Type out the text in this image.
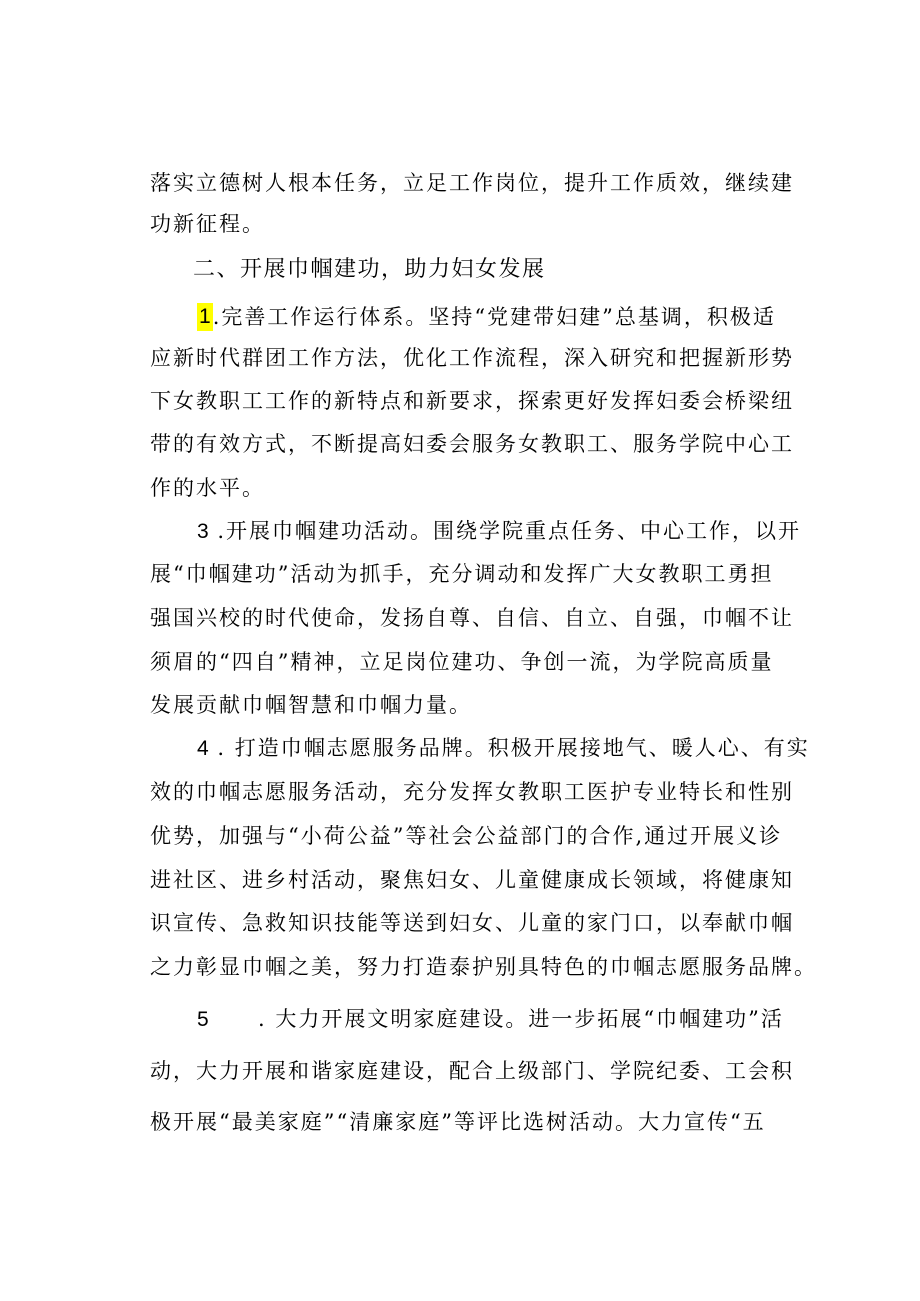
落实立德树人根本任务，立足工作岗位，提升工作质效，继续建
功新征程。
二、开展巾帼建功，助力妇女发展
1.完善工作运行体系。坚持“党建带妇建”总基调，积极适
应新时代群团工作方法，优化工作流程，深入研究和把握新形势
下女教职工工作的新特点和新要求，探索更好发挥妇委会桥梁纽
带的有效方式，不断提高妇委会服务女教职工、服务学院中心工
作的水平。
3 .开展巾帼建功活动。围绕学院重点任务、中心工作，以开
展“巾帼建功”活动为抓手，充分调动和发挥广大女教职工勇担
强国兴校的时代使命，发扬自尊、自信、自立、自强，巾帼不让
须眉的“四自”精神，立足岗位建功、争创一流，为学院高质量
发展贡献巾帼智慧和巾帼力量。
4 . 打造巾帼志愿服务品牌。积极开展接地气、暖人心、有实
效的巾帼志愿服务活动，充分发挥女教职工医护专业特长和性别
优势，加强与“小荷公益”等社会公益部门的合作,通过开展义诊
进社区、进乡村活动，聚焦妇女、儿童健康成长领域，将健康知
识宣传、急救知识技能等送到妇女、儿童的家门口，以奉献巾帼
之力彰显巾帼之美，努力打造泰护别具特色的巾帼志愿服务品牌。
5 . 大力开展文明家庭建设。进一步拓展“巾帼建功”活
动，大力开展和谐家庭建设，配合上级部门、学院纪委、工会积
极开展“最美家庭”“清廉家庭”等评比选树活动。大力宣传“五
